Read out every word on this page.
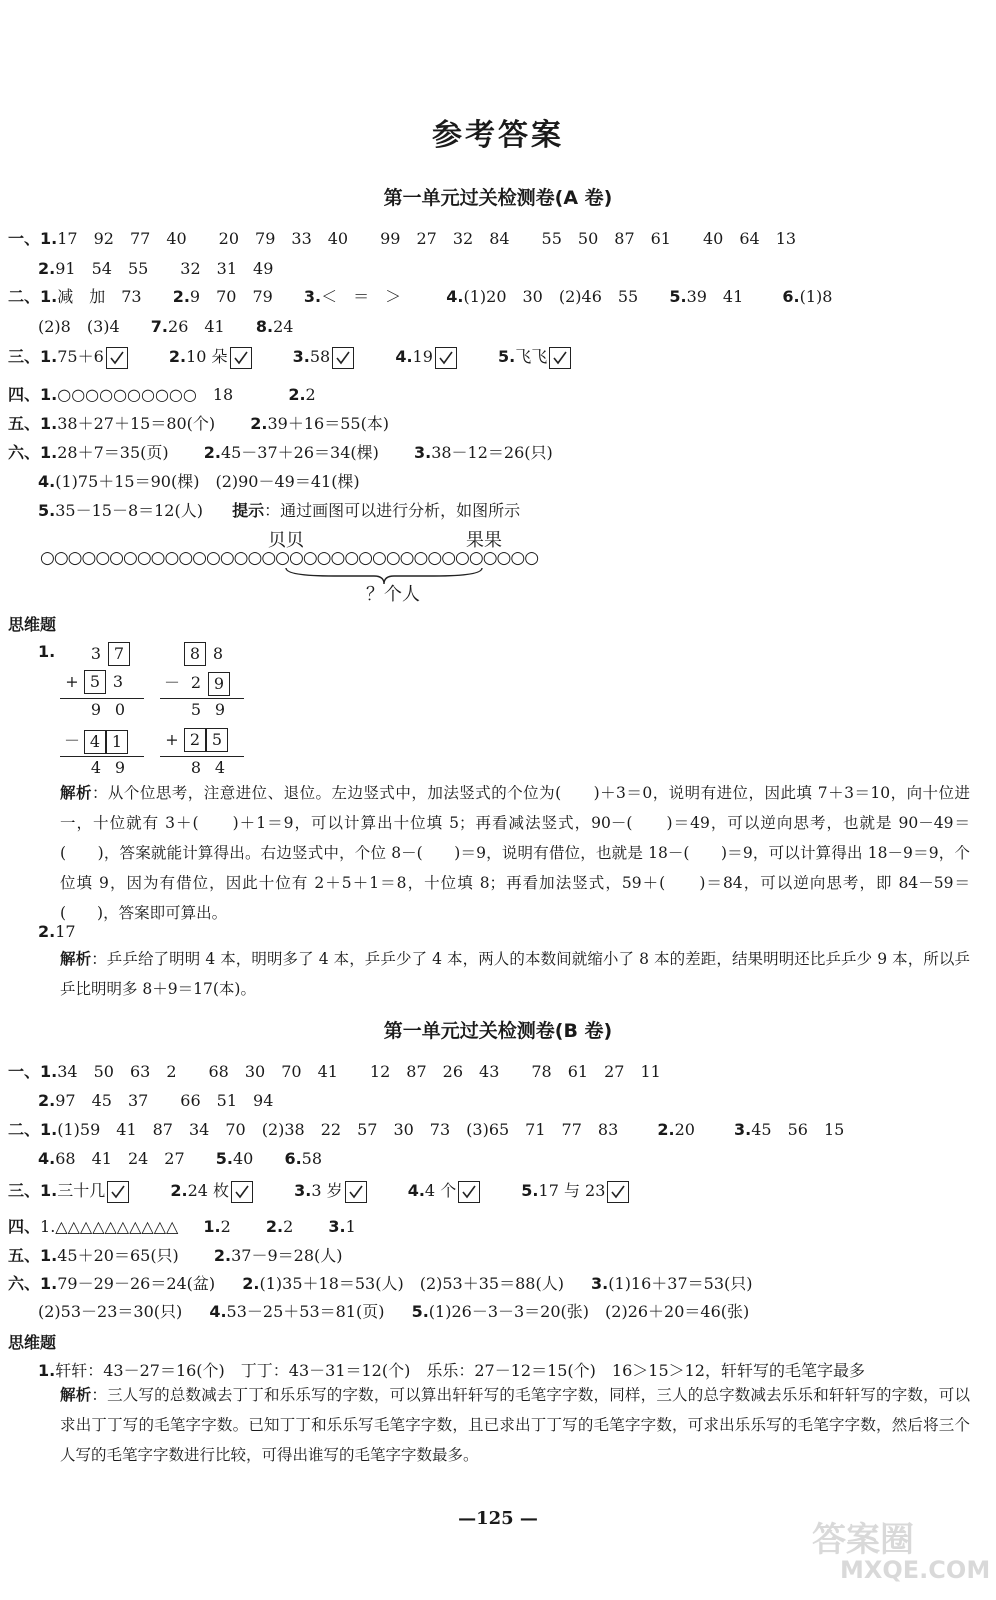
参考答案
第一单元过关检测卷(A 卷)
一、1.17　92　77　40　　20　79　33　40　　99　27　32　84　　55　50　87　61　　40　64　13
2.91　54　55　　32　31　49
二、1.减　加　73 2.9　70　79 3.＜　＝　＞	4.(1)20　30　(2)46　55 5.39　41 6.(1)8
(2)8　(3)4 7.26　41 8.24
三、1.75＋6	2.10 朵	3.58	4.19	5.飞飞
四、1.○○○○○○○○○○　18	2.2
五、1.38＋27＋15＝80(个) 2.39＋16＝55(本)
六、1.28＋7＝35(页) 2.45－37＋26＝34(棵) 3.38－12＝26(只)
4.(1)75＋15＝90(棵)　(2)90－49＝41(棵)
5.35－15－8＝12(人) 提示：通过画图可以进行分析，如图所示
贝贝	果果
○○○○○○○○○○○○○○○○○○○○○○○○○○○○○○○○○○○○
？个人
思维题
1.	3 7
+ 5 3
9 0
－ 4 1
4 9
8 8
－ 2 9
5 9
+ 2 5
8 4
解析：从个位思考，注意进位、退位。左边竖式中，加法竖式的个位为(　　)＋3＝0，说明有进位，因此填 7＋3＝10，向十位进一，十位就有 3＋(　　)＋1＝9，可以计算出十位填 5；再看减法竖式，90－(　　)＝49，可以逆向思考，也就是 90－49＝(　　)，答案就能计算得出。右边竖式中，个位 8－(　　)＝9，说明有借位，也就是 18－(　　)＝9，可以计算得出 18－9＝9，个位填 9，因为有借位，因此十位有 2＋5＋1＝8，十位填 8；再看加法竖式，59＋(　　)＝84，可以逆向思考，即 84－59＝(　　)，答案即可算出。
2.17
解析：乒乒给了明明 4 本，明明多了 4 本，乒乒少了 4 本，两人的本数间就缩小了 8 本的差距，结果明明还比乒乒少 9 本，所以乒乒比明明多 8＋9＝17(本)。
第一单元过关检测卷(B 卷)
一、1.34　50　63　2　　68　30　70　41　　12　87　26　43　　78　61　27　11
2.97　45　37　　66　51　94
二、1.(1)59　41　87　34　70　(2)38　22　57　30　73　(3)65　71　77　83 2.20 3.45　56　15
4.68　41　24　27 5.40 6.58
三、1.三十几	2.24 枚	3.3 岁	4.4 个	5.17 与 23
四、1.△△△△△△△△△△ 1.2 2.2 3.1
五、1.45＋20＝65(只) 2.37－9＝28(人)
六、1.79－29－26＝24(盆) 2.(1)35＋18＝53(人)　(2)53＋35＝88(人) 3.(1)16＋37＝53(只)
(2)53－23＝30(只) 4.53－25＋53＝81(页) 5.(1)26－3－3＝20(张)　(2)26＋20＝46(张)
思维题
1.轩轩：43－27＝16(个)　丁丁：43－31＝12(个)　乐乐：27－12＝15(个)　16＞15＞12，轩轩写的毛笔字最多
解析：三人写的总数减去丁丁和乐乐写的字数，可以算出轩轩写的毛笔字字数，同样，三人的总字数减去乐乐和轩轩写的字数，可以求出丁丁写的毛笔字字数。已知丁丁和乐乐写毛笔字字数，且已求出丁丁写的毛笔字字数，可求出乐乐写的毛笔字字数，然后将三个人写的毛笔字字数进行比较，可得出谁写的毛笔字字数最多。
—125 —
答案圈
MXQE.COM
